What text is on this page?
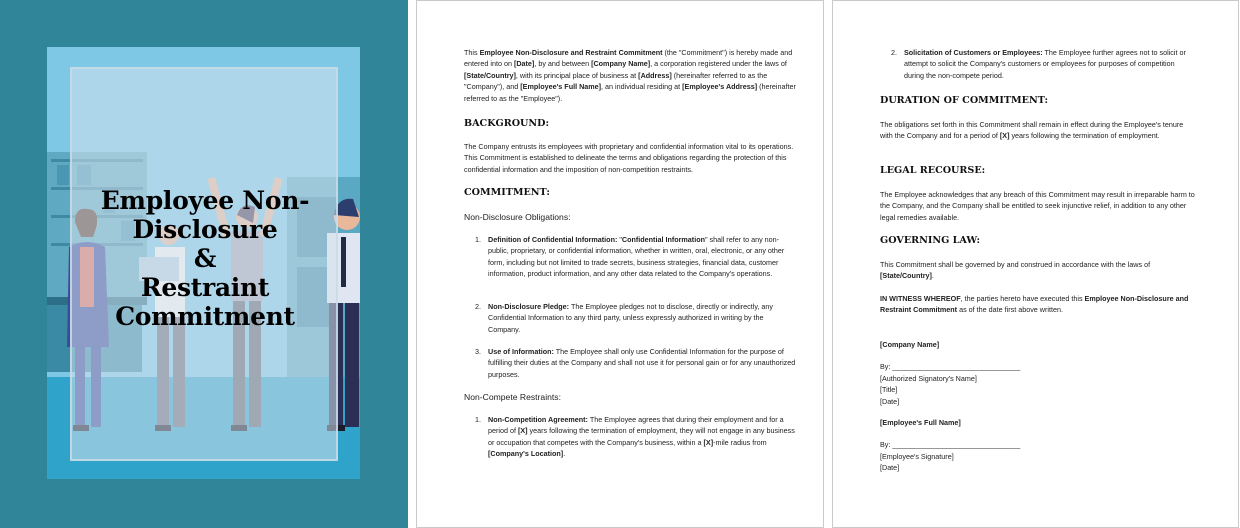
Employee Non-
Disclosure
&
Restraint
Commitment
This Employee Non-Disclosure and Restraint Commitment (the "Commitment") is hereby made and entered into on [Date], by and between [Company Name], a corporation registered under the laws of [State/Country], with its principal place of business at [Address] (hereinafter referred to as the "Company"), and [Employee's Full Name], an individual residing at [Employee's Address] (hereinafter referred to as the "Employee").
BACKGROUND:
The Company entrusts its employees with proprietary and confidential information vital to its operations. This Commitment is established to delineate the terms and obligations regarding the protection of this confidential information and the imposition of non-competition restraints.
COMMITMENT:
Non-Disclosure Obligations:
1. Definition of Confidential Information: "Confidential Information" shall refer to any non-public, proprietary, or confidential information, whether in written, oral, electronic, or any other form, including but not limited to trade secrets, business strategies, financial data, customer information, product information, and any other data related to the Company's operations.
2. Non-Disclosure Pledge: The Employee pledges not to disclose, directly or indirectly, any Confidential Information to any third party, unless expressly authorized in writing by the Company.
3. Use of Information: The Employee shall only use Confidential Information for the purpose of fulfilling their duties at the Company and shall not use it for personal gain or for any unauthorized purposes.
Non-Compete Restraints:
1. Non-Competition Agreement: The Employee agrees that during their employment and for a period of [X] years following the termination of employment, they will not engage in any business or occupation that competes with the Company's business, within a [X]-mile radius from [Company's Location].
2. Solicitation of Customers or Employees: The Employee further agrees not to solicit or attempt to solicit the Company's customers or employees for purposes of competition during the non-compete period.
DURATION OF COMMITMENT:
The obligations set forth in this Commitment shall remain in effect during the Employee's tenure with the Company and for a period of [X] years following the termination of employment.
LEGAL RECOURSE:
The Employee acknowledges that any breach of this Commitment may result in irreparable harm to the Company, and the Company shall be entitled to seek injunctive relief, in addition to any other legal remedies available.
GOVERNING LAW:
This Commitment shall be governed by and construed in accordance with the laws of [State/Country].
IN WITNESS WHEREOF, the parties hereto have executed this Employee Non-Disclosure and Restraint Commitment as of the date first above written.
[Company Name]
By: ________________________________
[Authorized Signatory's Name]
[Title]
[Date]
[Employee's Full Name]
By: ________________________________
[Employee's Signature]
[Date]
